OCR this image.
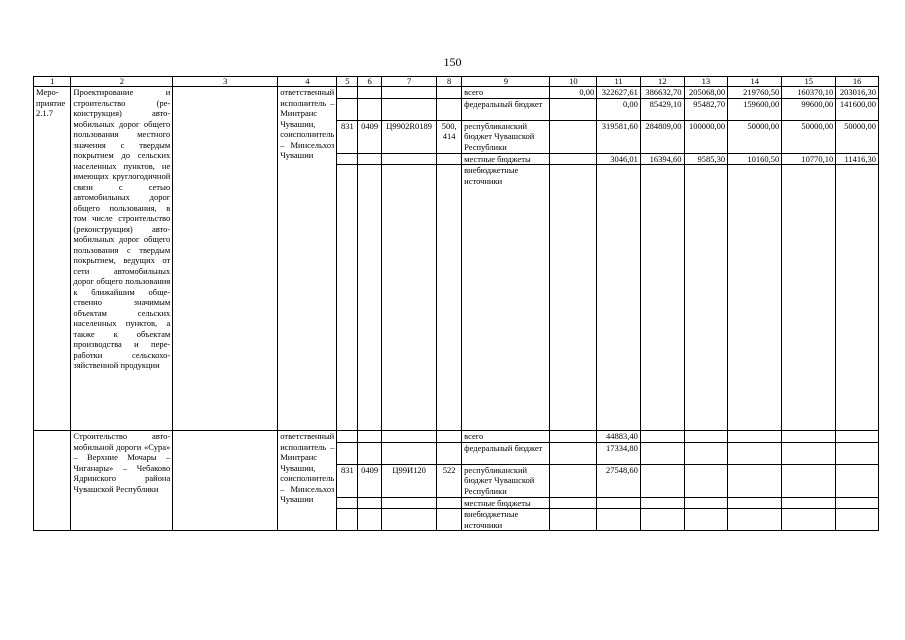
150
1	2	3	4	5	6	7	8	9	10	11	12	13	14	15	16
Мероприятие 2.1.7	Проектирование и строительство (реконструкция) автомобильных дорог общего пользования местного значения с твердым покрытием до сельских населенных пунктов, не имеющих круглогодичной связи с сетью автомобильных дорог общего пользования, в том числе строительство (реконструкция) автомобильных дорог общего пользования с твердым покрытием, ведущих от сети автомобильных дорог общего пользования к ближайшим общественно значимым объектам сельских населенных пунктов, а также к объектам производства и переработки сельскохозяйственной продукции		ответственный исполнитель – Минтранс Чувашии, соисполнитель – Минсельхоз Чувашии					всего	0,00	322627,61	386632,70	205068,00	219760,50	160370,10	203016,30
								федеральный бюджет		0,00	85429,10	95482,70	159600,00	99600,00	141600,00
				831	0409	Ц9902R0189	500, 414	республиканский бюджет Чувашской Республики		319581,60	284809,00	100000,00	50000,00	50000,00	50000,00
								местные бюджеты		3046,01	16394,60	9585,30	10160,50	10770,10	11416,30
								внебюджетные источники							
	Строительство автомобильной дороги «Сура» – Верхние Мочары – Чиганары» – Чебаково Ядринского района Чувашской Республики		ответственный исполнитель – Минтранс Чувашии, соисполнитель – Минсельхоз Чувашии					всего		44883,40					
								федеральный бюджет		17334,80					
				831	0409	Ц99И120	522	республиканский бюджет Чувашской Республики		27548,60					
								местные бюджеты							
								внебюджетные источники							
